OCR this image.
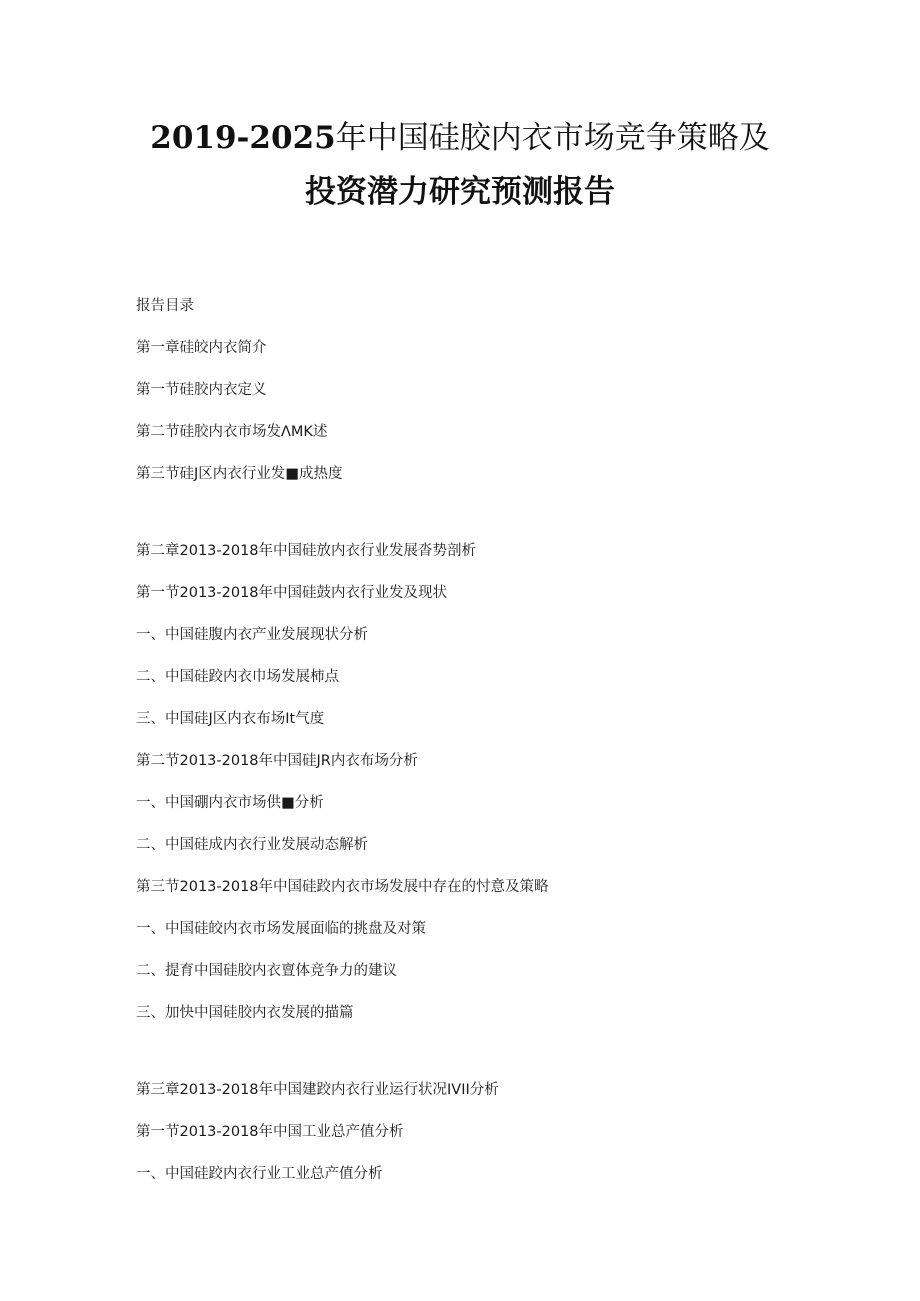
2019-2025年中国硅胶内衣市场竞争策略及
投资潜力研究预测报告
报告目录
第一章硅皎内衣简介
第一节硅胶内衣定义
第二节硅胶内衣市场发ΛMK述
第三节硅J区内衣行业发■成热度
第二章2013-2018年中国硅放内衣行业发展沓势剖析
第一节2013-2018年中国硅鼓内衣行业发及现状
一、中国硅腹内衣产业发展现状分析
二、中国硅跤内衣巾场发展柿点
三、中国硅J区内衣布场It气度
第二节2013-2018年中国硅JR内衣布场分析
一、中国硼内衣市场供■分析
二、中国硅成内衣行业发展动态解析
第三节2013-2018年中国硅跤内衣市场发展中存在的忖意及策略
一、中国硅皎内衣市场发展面临的挑盘及对策
二、提育中国硅胶内衣亶体竞争力的建议
三、加快中国硅胶内衣发展的描篇
第三章2013-2018年中国建跤内衣行业运行状况IVII分析
第一节2013-2018年中国工业总产值分析
一、中国硅跤内衣行业工业总产值分析
